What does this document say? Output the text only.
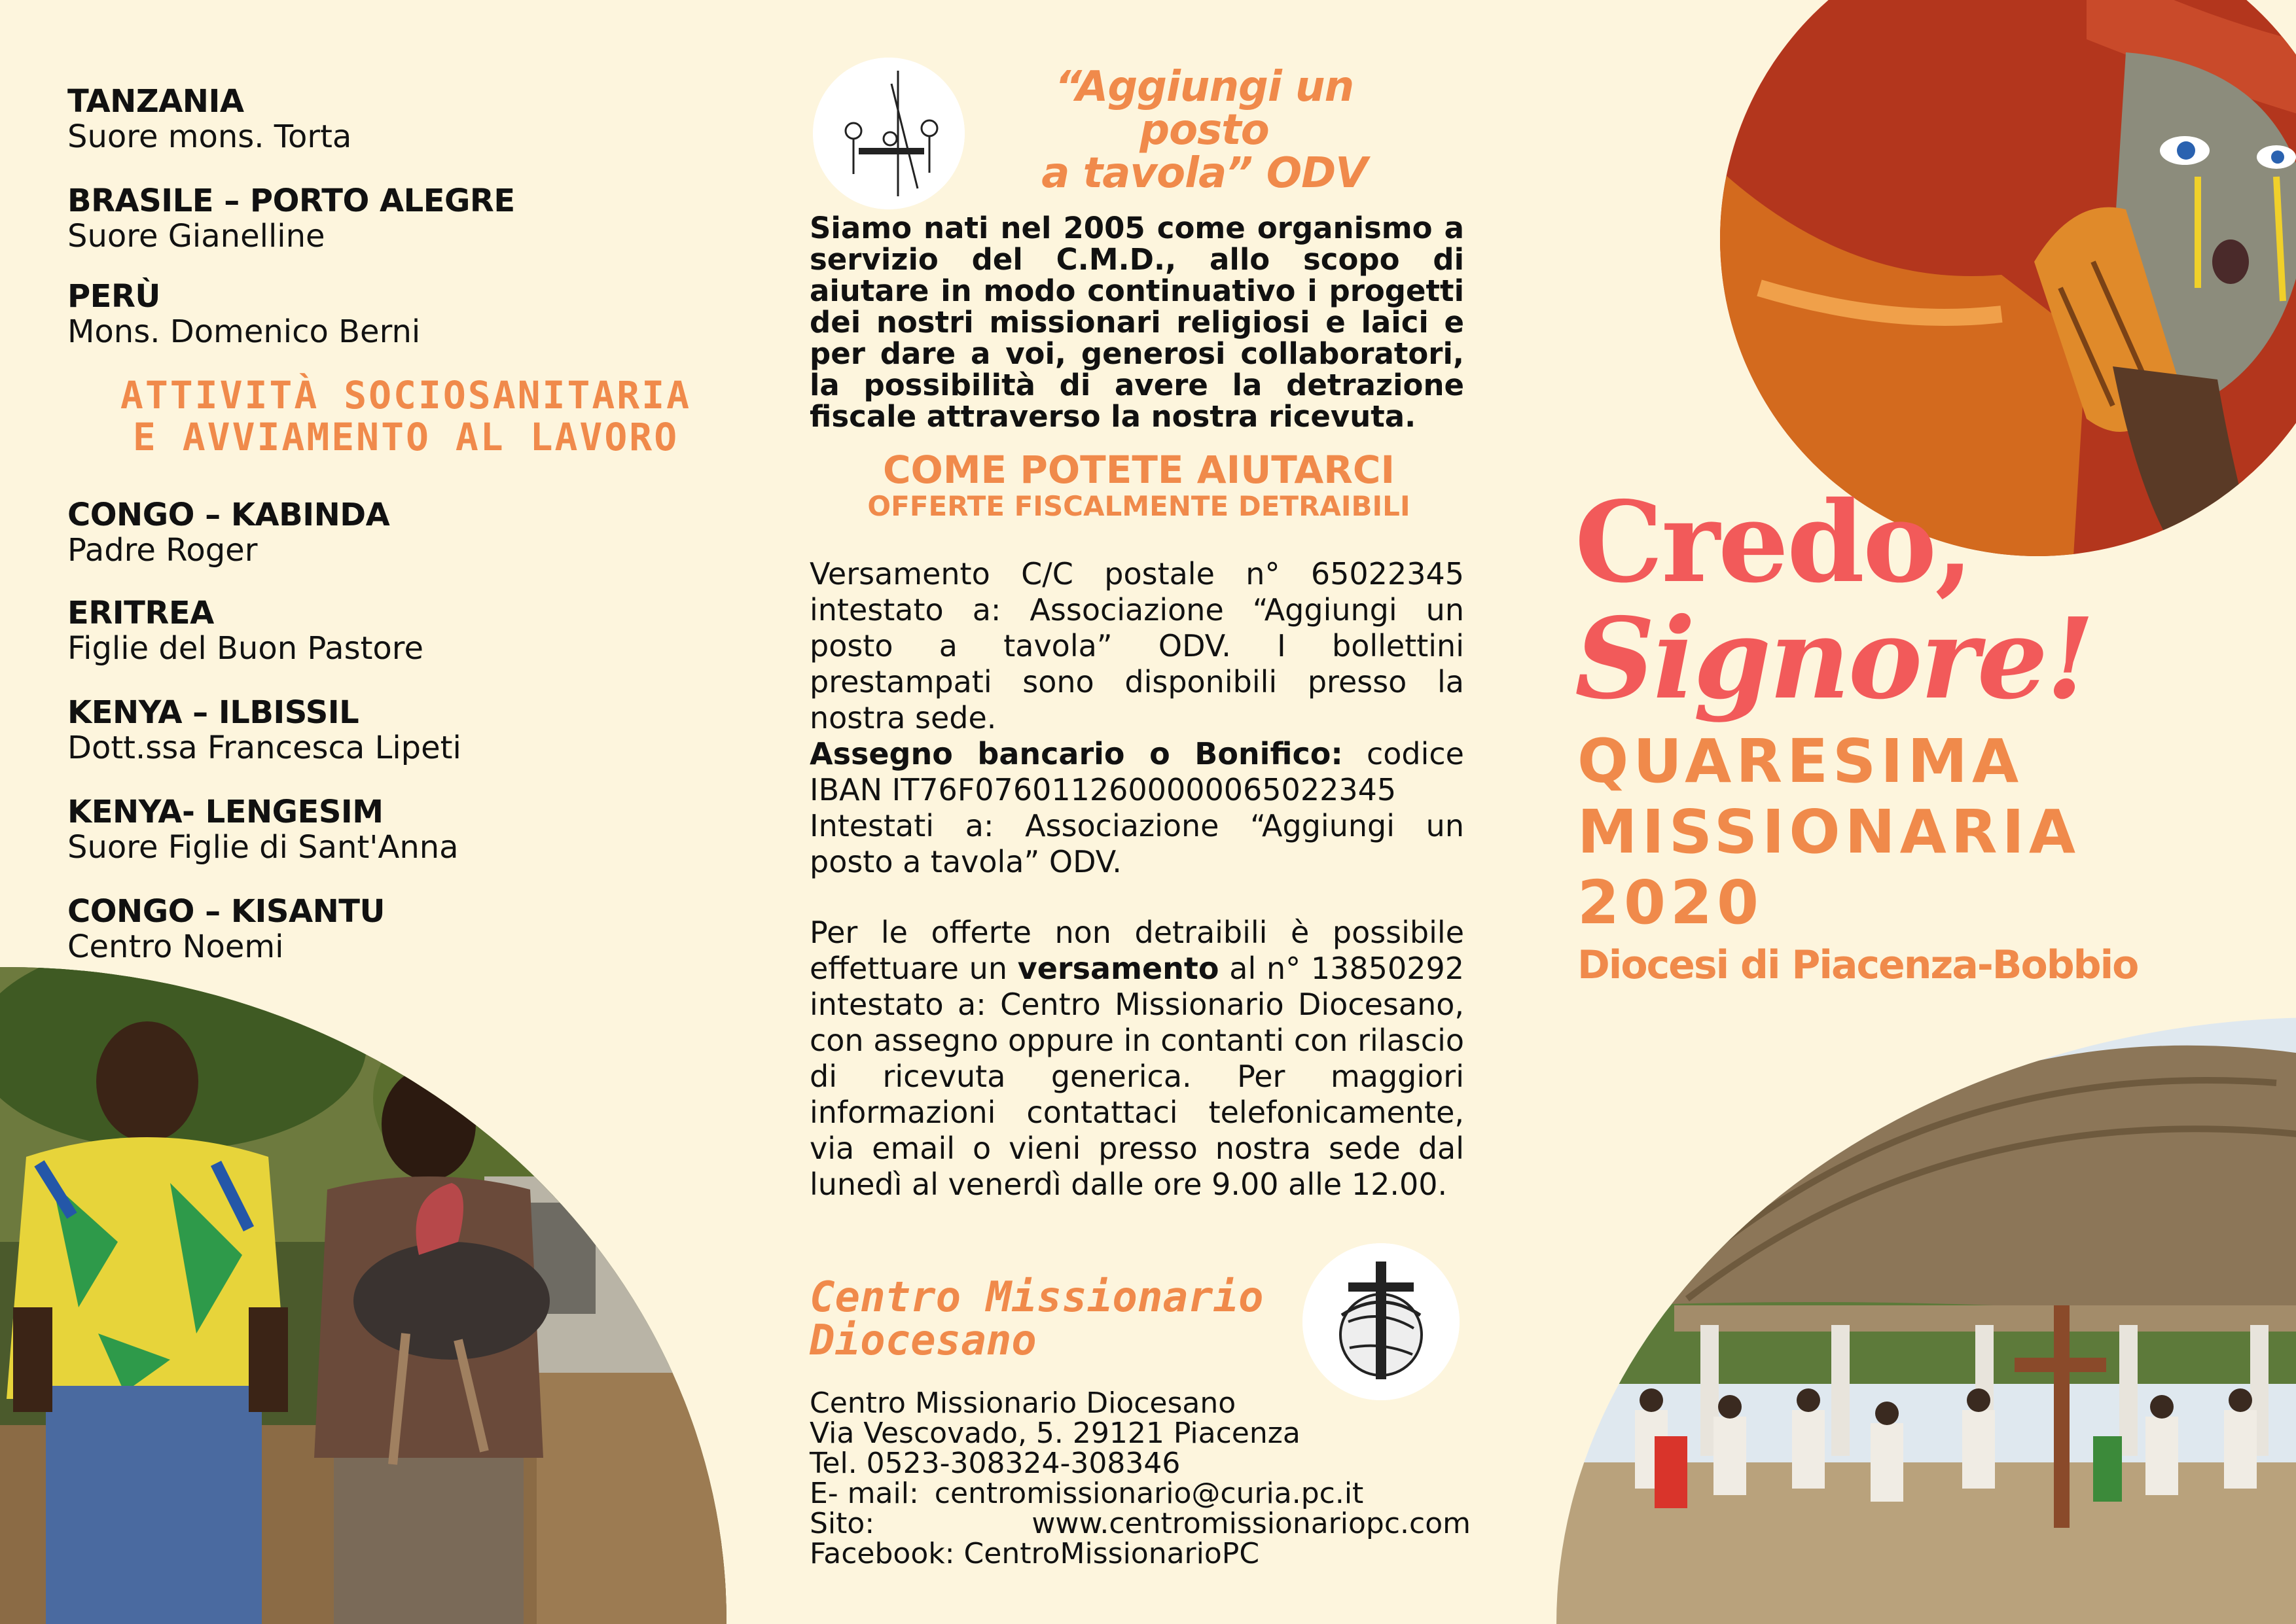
TANZANIA
Suore mons. Torta
BRASILE – PORTO ALEGRE
Suore Gianelline
PERÙ
Mons. Domenico Berni
ATTIVITÀ SOCIOSANITARIA
E AVVIAMENTO AL LAVORO
CONGO – KABINDA
Padre Roger
ERITREA
Figlie del Buon Pastore
KENYA – ILBISSIL
Dott.ssa Francesca Lipeti
KENYA- LENGESIM
Suore Figlie di Sant'Anna
CONGO – KISANTU
Centro Noemi
“Aggiungi un posto
a tavola” ODV
Siamo nati nel 2005 come organismo a servizio del C.M.D., allo scopo di aiutare in modo continuativo i progetti dei nostri missionari religiosi e laici e per dare a voi, generosi collaboratori, la possibilità di avere la detrazione fiscale attraverso la nostra ricevuta.
COME POTETE AIUTARCI
OFFERTE FISCALMENTE DETRAIBILI
Versamento C/C postale n° 65022345 intestato a: Associazione “Aggiungi un posto a tavola” ODV. I bollettini prestampati sono disponibili presso la nostra sede.
Assegno bancario o Bonifico: codice IBAN IT76F0760112600000065022345
Intestati a: Associazione “Aggiungi un posto a tavola” ODV.
Per le offerte non detraibili è possibile effettuare un versamento al n° 13850292 intestato a: Centro Missionario Diocesano, con assegno oppure in contanti con rilascio di ricevuta generica. Per maggiori informazioni contattaci telefonicamente, via email o vieni presso nostra sede dal lunedì al venerdì dalle ore 9.00 alle 12.00.
Centro Missionario
Diocesano
Centro Missionario Diocesano
Via Vescovado, 5. 29121 Piacenza
Tel. 0523-308324-308346
E- mail: centromissionario@curia.pc.it
Sito:	www.centromissionariopc.com
Facebook: CentroMissionarioPC
Credo,
Signore!
QUARESIMA
MISSIONARIA
2020
Diocesi di Piacenza-Bobbio
